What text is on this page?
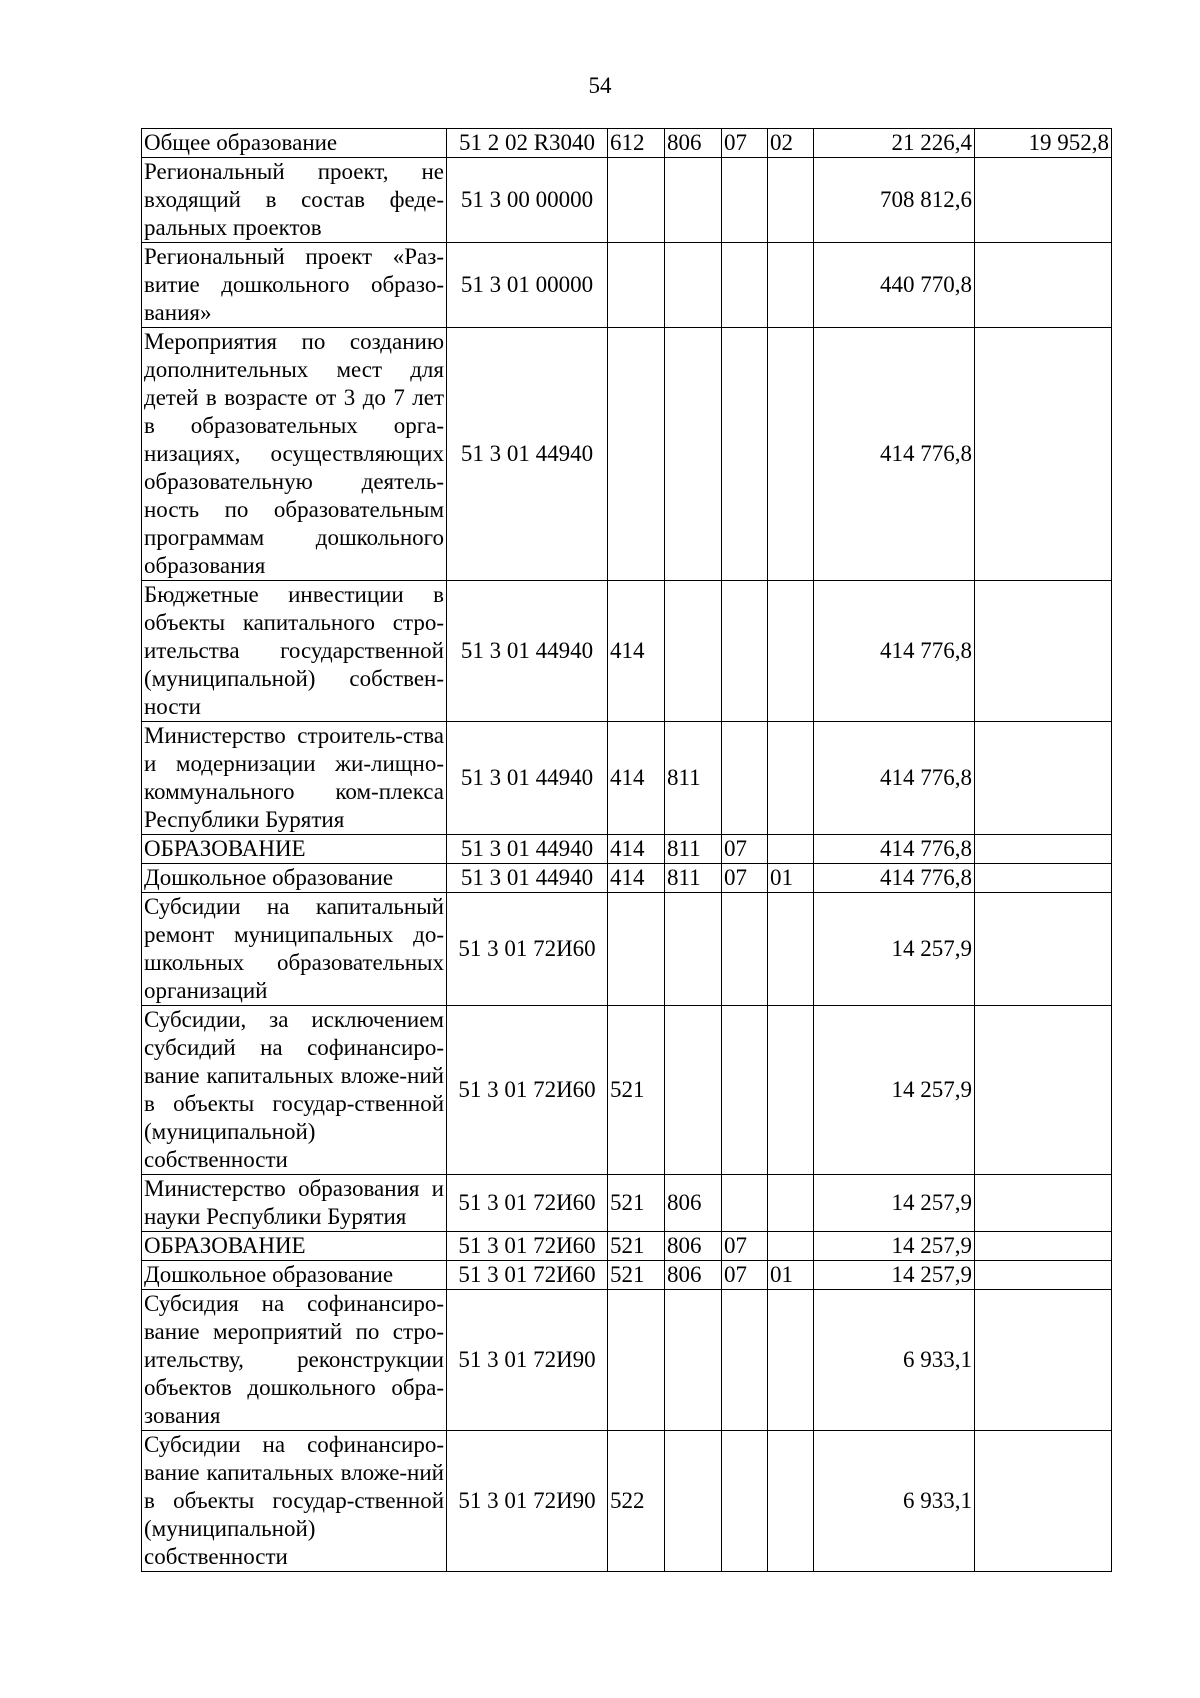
54
Общее образование	51 2 02 R3040	612	806	07	02	21 226,4	19 952,8

Региональный проект, не входящий в состав феде-ральных проектов	51 3 00 00000					708 812,6	

Региональный проект «Раз-витие дошкольного образо-вания»	51 3 01 00000					440 770,8	

Мероприятия по созданию дополнительных мест для детей в возрасте от 3 до 7 лет в образовательных орга-низациях, осуществляющих образовательную деятель-ность по образовательным программам дошкольного образования	51 3 01 44940					414 776,8	

Бюджетные инвестиции в объекты капитального стро-ительства государственной (муниципальной) собствен-ности	51 3 01 44940	414				414 776,8	

Министерство строитель-ства и модернизации жи-лищно-коммунального ком-плекса Республики Бурятия	51 3 01 44940	414	811			414 776,8	

ОБРАЗОВАНИЕ	51 3 01 44940	414	811	07		414 776,8	

Дошкольное образование	51 3 01 44940	414	811	07	01	414 776,8	

Субсидии на капитальный ремонт муниципальных до-школьных образовательных организаций	51 3 01 72И60					14 257,9	

Субсидии, за исключением субсидий на софинансиро-вание капитальных вложе-ний в объекты государ-ственной (муниципальной) собственности	51 3 01 72И60	521				14 257,9	

Министерство образования и науки Республики Бурятия	51 3 01 72И60	521	806			14 257,9	

ОБРАЗОВАНИЕ	51 3 01 72И60	521	806	07		14 257,9	

Дошкольное образование	51 3 01 72И60	521	806	07	01	14 257,9	

Субсидия на софинансиро-вание мероприятий по стро-ительству, реконструкции объектов дошкольного обра-зования	51 3 01 72И90					6 933,1	

Субсидии на софинансиро-вание капитальных вложе-ний в объекты государ-ственной (муниципальной) собственности	51 3 01 72И90	522				6 933,1	
